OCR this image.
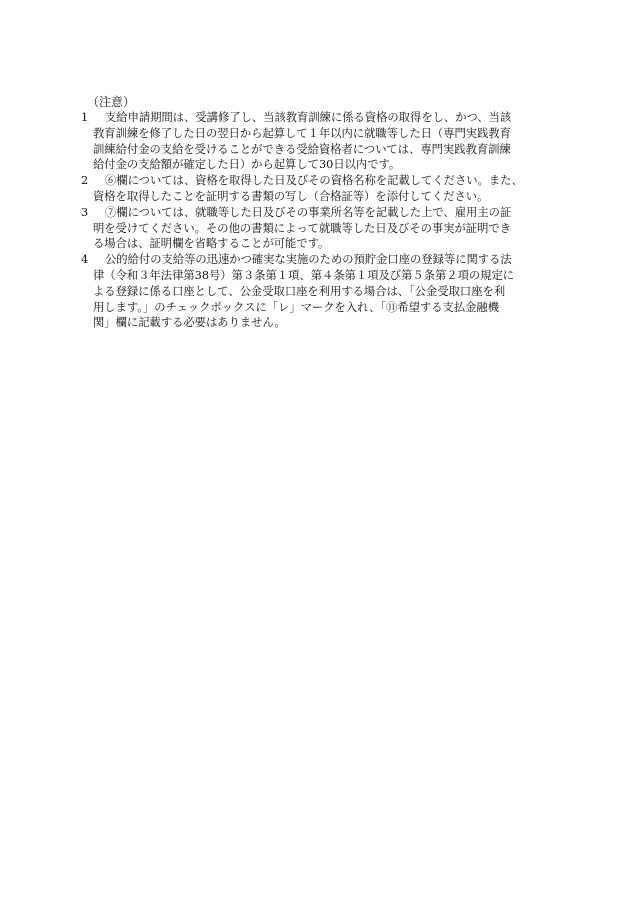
（注意）

1	支給申請期間は、受講修了し、当該教育訓練に係る資格の取得をし、かつ、当該
教育訓練を修了した日の翌日から起算して１年以内に就職等した日（専門実践教育
訓練給付金の支給を受けることができる受給資格者については、専門実践教育訓練
給付金の支給額が確定した日）から起算して30日以内です。

2	⑥欄については、資格を取得した日及びその資格名称を記載してください。また、
資格を取得したことを証明する書類の写し（合格証等）を添付してください。

3	⑦欄については、就職等した日及びその事業所名等を記載した上で、雇用主の証
明を受けてください。その他の書類によって就職等した日及びその事実が証明でき
る場合は、証明欄を省略することが可能です。

4	公的給付の支給等の迅速かつ確実な実施のための預貯金口座の登録等に関する法
律（令和３年法律第38号）第３条第１項、第４条第１項及び第５条第２項の規定に
よる登録に係る口座として、公金受取口座を利用する場合は、「公金受取口座を利
用します。」のチェックボックスに「レ」マークを入れ、「⑪希望する支払金融機
関」欄に記載する必要はありません。
